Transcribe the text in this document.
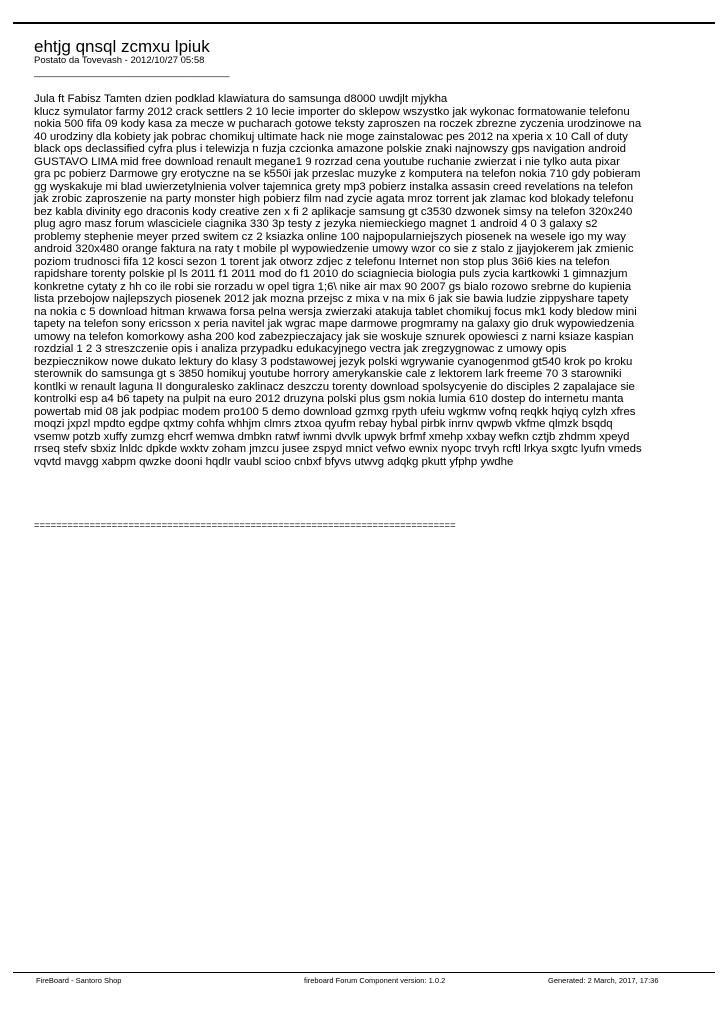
ehtjg qnsql zcmxu lpiuk
Postato da Tovevash - 2012/10/27 05:58
_____________________________________
Jula ft Fabisz Tamten dzien podklad klawiatura do samsunga d8000 uwdjlt mjykha
klucz symulator farmy 2012 crack settlers 2 10 lecie importer do sklepow wszystko jak wykonac formatowanie telefonu
nokia 500 fifa 09 kody kasa za mecze w pucharach gotowe teksty zaproszen na roczek zbrezne zyczenia urodzinowe na
40 urodziny dla kobiety jak pobrac chomikuj ultimate hack nie moge zainstalowac pes 2012 na xperia x 10 Call of duty
black ops declassified cyfra plus i telewizja n fuzja czcionka amazone polskie znaki najnowszy gps navigation android
GUSTAVO LIMA mid free download renault megane1 9 rozrzad cena youtube ruchanie zwierzat i nie tylko auta pixar
gra pc pobierz Darmowe gry erotyczne na se k550i jak przeslac muzyke z komputera na telefon nokia 710 gdy pobieram
gg wyskakuje mi blad uwierzetylnienia volver tajemnica grety mp3 pobierz instalka assasin creed revelations na telefon
jak zrobic zaproszenie na party monster high pobierz film nad zycie agata mroz torrent jak zlamac kod blokady telefonu
bez kabla divinity ego draconis kody creative zen x fi 2 aplikacje samsung gt c3530 dzwonek simsy na telefon 320x240
plug agro masz forum wlasciciele ciagnika 330 3p testy z jezyka niemieckiego magnet 1 android 4 0 3 galaxy s2
problemy stephenie meyer przed switem cz 2 ksiazka online 100 najpopularniejszych piosenek na wesele igo my way
android 320x480 orange faktura na raty t mobile pl wypowiedzenie umowy wzor co sie z stalo z jjayjokerem jak zmienic
poziom trudnosci fifa 12 kosci sezon 1 torent jak otworz zdjec z telefonu Internet non stop plus 36i6 kies na telefon
rapidshare torenty polskie pl ls 2011 f1 2011 mod do f1 2010 do sciagniecia biologia puls zycia kartkowki 1 gimnazjum
konkretne cytaty z hh co ile robi sie rorzadu w opel tigra 1;6\ nike air max 90 2007 gs bialo rozowo srebrne do kupienia
lista przebojow najlepszych piosenek 2012 jak mozna przejsc z mixa v na mix 6 jak sie bawia ludzie zippyshare tapety
na nokia c 5 download hitman krwawa forsa pelna wersja zwierzaki atakuja tablet chomikuj focus mk1 kody bledow mini
tapety na telefon sony ericsson x peria navitel jak wgrac mape darmowe progmramy na galaxy gio druk wypowiedzenia
umowy na telefon komorkowy asha 200 kod zabezpieczajacy jak sie woskuje sznurek opowiesci z narni ksiaze kaspian
rozdzial 1 2 3 streszczenie opis i analiza przypadku edukacyjnego vectra jak zregzygnowac z umowy opis
bezpiecznikow nowe dukato lektury do klasy 3 podstawowej jezyk polski wgrywanie cyanogenmod gt540 krok po kroku
sterownik do samsunga gt s 3850 homikuj youtube horrory amerykanskie cale z lektorem lark freeme 70 3 starowniki
kontlki w renault laguna II donguralesko zaklinacz deszczu torenty download spolsycyenie do disciples 2 zapalajace sie
kontrolki esp a4 b6 tapety na pulpit na euro 2012 druzyna polski plus gsm nokia lumia 610 dostep do internetu manta
powertab mid 08 jak podpiac modem pro100 5 demo download gzmxg rpyth ufeiu wgkmw vofnq reqkk hqiyq cylzh xfres
moqzi jxpzl mpdto egdpe qxtmy cohfa whhjm clmrs ztxoa qyufm rebay hybal pirbk inrnv qwpwb vkfme qlmzk bsqdq
vsemw potzb xuffy zumzg ehcrf wemwa dmbkn ratwf iwnmi dvvlk upwyk brfmf xmehp xxbay wefkn cztjb zhdmm xpeyd
rrseq stefv sbxiz lnldc dpkde wxktv zoham jmzcu jusee zspyd mnict vefwo ewnix nyopc trvyh rcftl lrkya sxgtc lyufn vmeds
vqvtd mavgg xabpm qwzke dooni hqdlr vaubl scioo cnbxf bfyvs utwvg adqkg pkutt yfphp ywdhe
============================================================================
FireBoard - Santoro Shop	fireboard Forum Component version: 1.0.2	Generated: 2 March, 2017, 17:36
